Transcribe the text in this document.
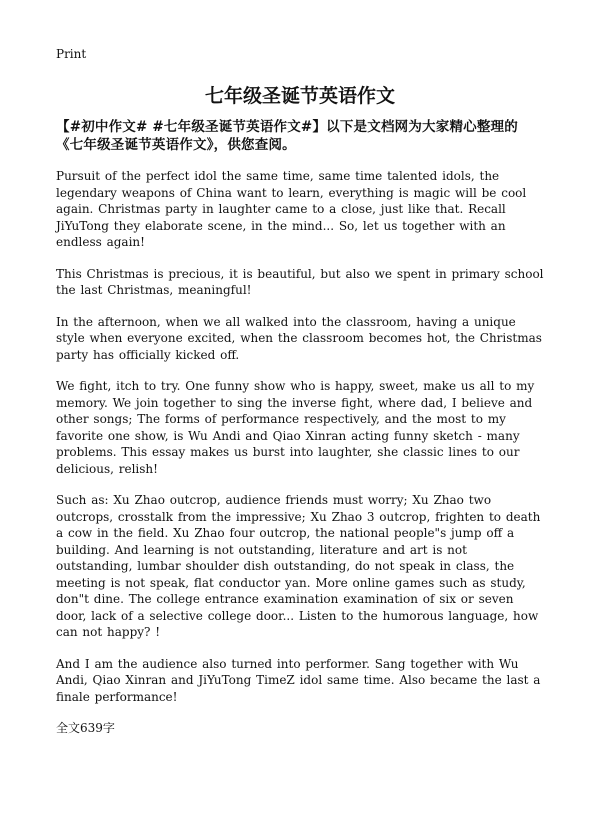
Print

七年级圣诞节英语作文

【#初中作文# #七年级圣诞节英语作文#】以下是文档网为大家精心整理的《七年级圣诞节英语作文》，供您查阅。

Pursuit of the perfect idol the same time, same time talented idols, the legendary weapons of China want to learn, everything is magic will be cool again. Christmas party in laughter came to a close, just like that. Recall JiYuTong they elaborate scene, in the mind... So, let us together with an endless again!

This Christmas is precious, it is beautiful, but also we spent in primary school the last Christmas, meaningful!

In the afternoon, when we all walked into the classroom, having a unique style when everyone excited, when the classroom becomes hot, the Christmas party has officially kicked off.

We fight, itch to try. One funny show who is happy, sweet, make us all to my memory. We join together to sing the inverse fight, where dad, I believe and other songs; The forms of performance respectively, and the most to my favorite one show, is Wu Andi and Qiao Xinran acting funny sketch - many problems. This essay makes us burst into laughter, she classic lines to our delicious, relish!

Such as: Xu Zhao outcrop, audience friends must worry; Xu Zhao two outcrops, crosstalk from the impressive; Xu Zhao 3 outcrop, frighten to death a cow in the field. Xu Zhao four outcrop, the national people"s jump off a building. And learning is not outstanding, literature and art is not outstanding, lumbar shoulder dish outstanding, do not speak in class, the meeting is not speak, flat conductor yan. More online games such as study, don"t dine. The college entrance examination examination of six or seven door, lack of a selective college door... Listen to the humorous language, how can not happy? !

And I am the audience also turned into performer. Sang together with Wu Andi, Qiao Xinran and JiYuTong TimeZ idol same time. Also became the last a finale performance!

全文639字
